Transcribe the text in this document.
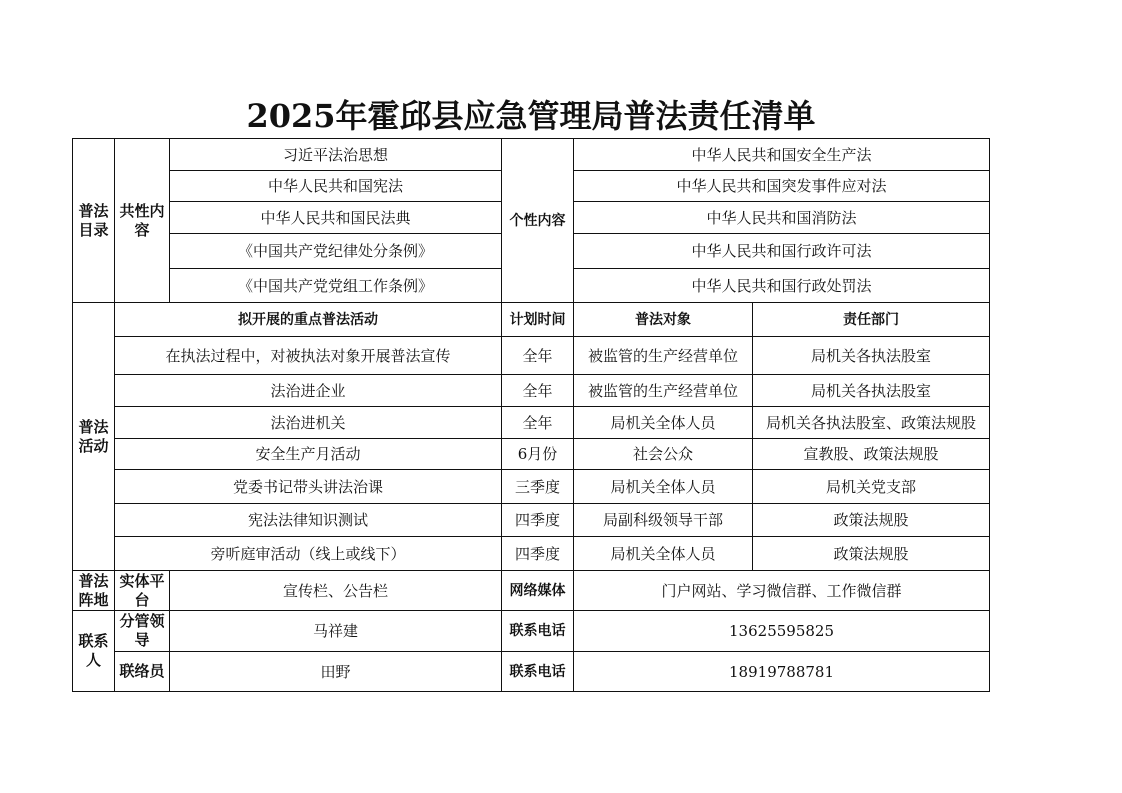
2025年霍邱县应急管理局普法责任清单
普法目录	共性内容	习近平法治思想	个性内容	中华人民共和国安全生产法	
		中华人民共和国宪法		中华人民共和国突发事件应对法	
		中华人民共和国民法典		中华人民共和国消防法	
		《中国共产党纪律处分条例》		中华人民共和国行政许可法	
		《中国共产党党组工作条例》		中华人民共和国行政处罚法	
普法活动	拟开展的重点普法活动		计划时间	普法对象	责任部门
	在执法过程中，对被执法对象开展普法宣传		全年	被监管的生产经营单位	局机关各执法股室
	法治进企业		全年	被监管的生产经营单位	局机关各执法股室
	法治进机关		全年	局机关全体人员	局机关各执法股室、政策法规股
	安全生产月活动		6月份	社会公众	宣教股、政策法规股
	党委书记带头讲法治课		三季度	局机关全体人员	局机关党支部
	宪法法律知识测试		四季度	局副科级领导干部	政策法规股
	旁听庭审活动（线上或线下）		四季度	局机关全体人员	政策法规股
普法阵地	实体平台	宣传栏、公告栏	网络媒体	门户网站、学习微信群、工作微信群	
联系人	分管领导	马祥建	联系电话	13625595825	
	联络员	田野	联系电话	18919788781	
